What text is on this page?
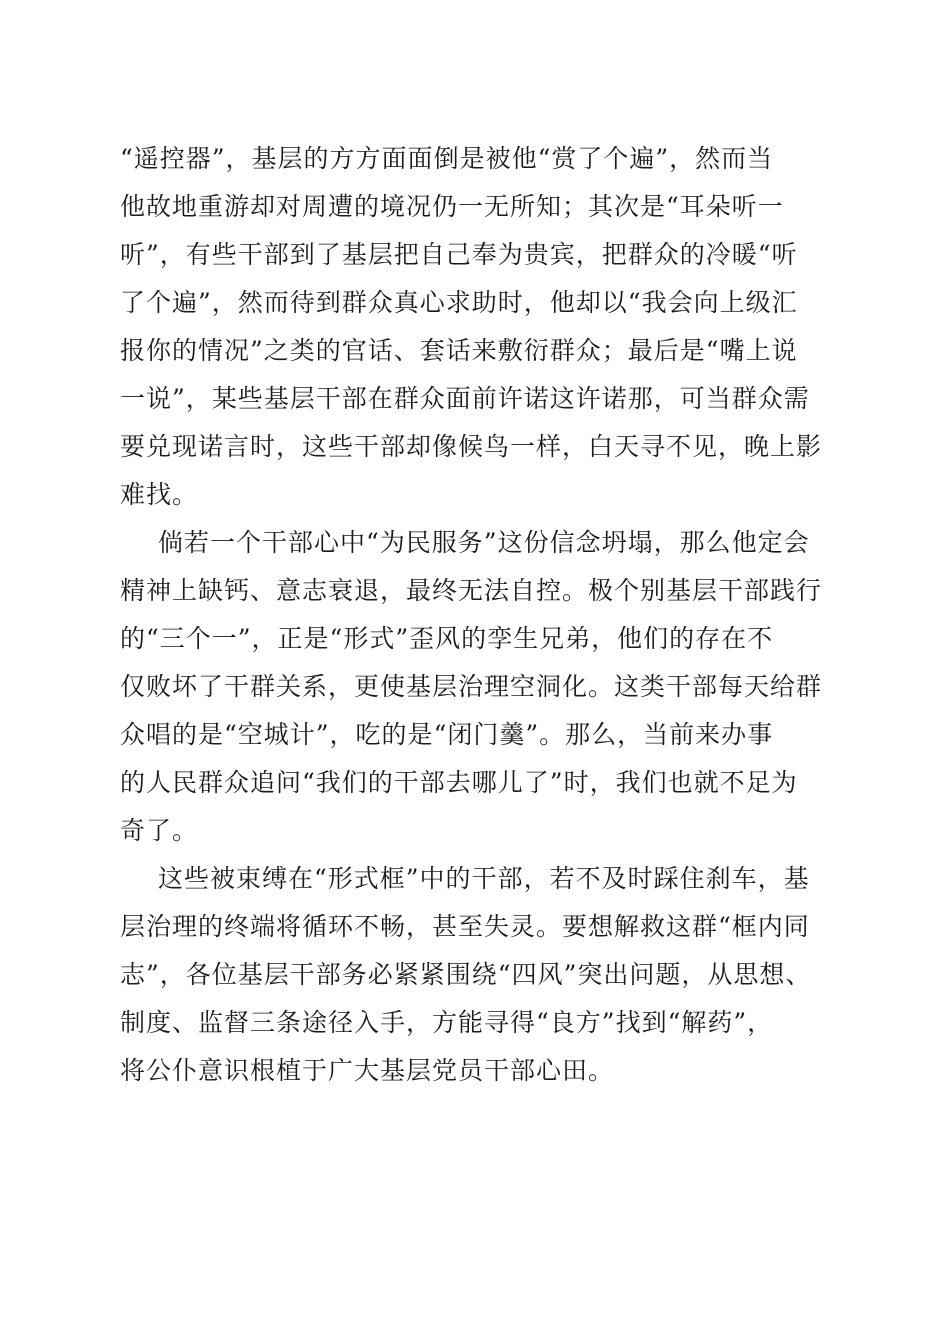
“遥控器”，基层的方方面面倒是被他“赏了个遍”，然而当
他故地重游却对周遭的境况仍一无所知；其次是“耳朵听一
听”，有些干部到了基层把自己奉为贵宾，把群众的冷暖“听
了个遍”，然而待到群众真心求助时，他却以“我会向上级汇
报你的情况”之类的官话、套话来敷衍群众；最后是“嘴上说
一说”，某些基层干部在群众面前许诺这许诺那，可当群众需
要兑现诺言时，这些干部却像候鸟一样，白天寻不见，晚上影
难找。
倘若一个干部心中“为民服务”这份信念坍塌，那么他定会
精神上缺钙、意志衰退，最终无法自控。极个别基层干部践行
的“三个一”，正是“形式”歪风的孪生兄弟，他们的存在不
仅败坏了干群关系，更使基层治理空洞化。这类干部每天给群
众唱的是“空城计”，吃的是“闭门羹”。那么，当前来办事
的人民群众追问“我们的干部去哪儿了”时，我们也就不足为
奇了。
这些被束缚在“形式框”中的干部，若不及时踩住刹车，基
层治理的终端将循环不畅，甚至失灵。要想解救这群“框内同
志”，各位基层干部务必紧紧围绕“四风”突出问题，从思想、
制度、监督三条途径入手，方能寻得“良方”找到“解药”，
将公仆意识根植于广大基层党员干部心田。
